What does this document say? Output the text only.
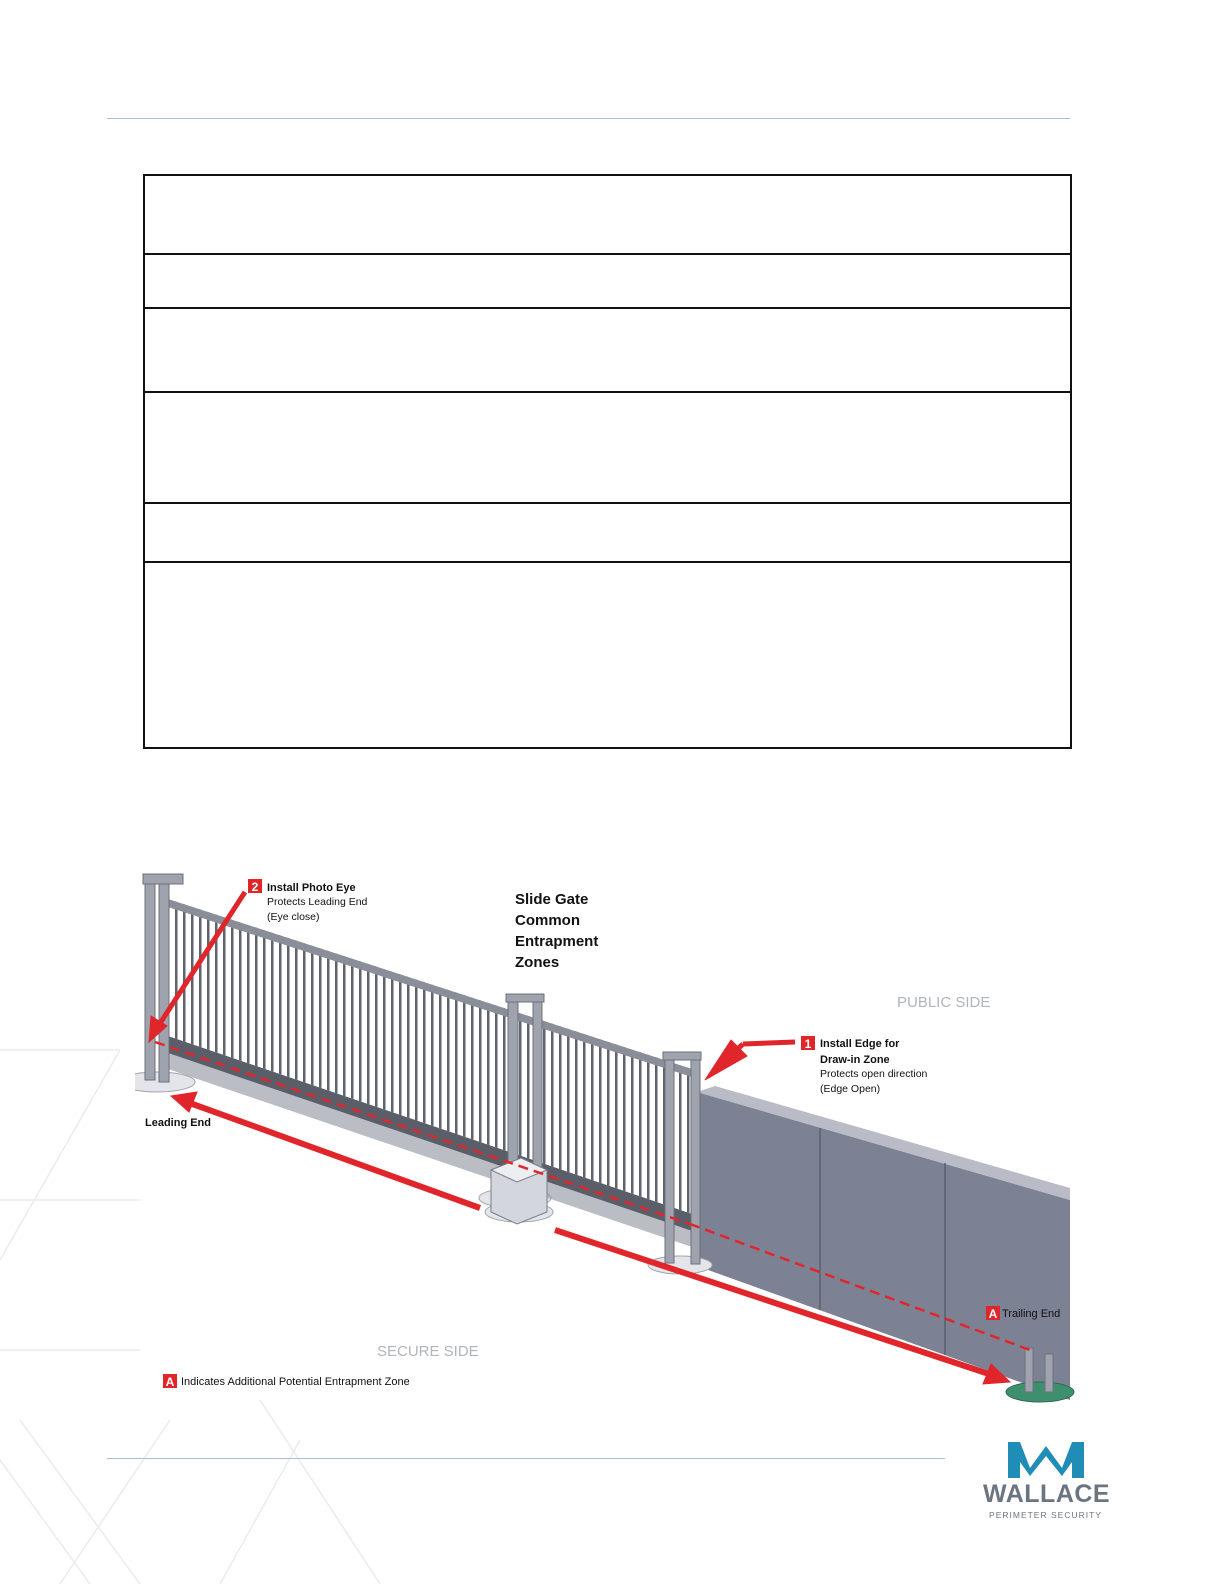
Slide Gate Common Entrapment Zones
2 Install Photo Eye
Protects Leading End
(Eye close)
1 Install Edge for
Draw-in Zone
Protects open direction
(Edge Open)
PUBLIC SIDE
SECURE SIDE
Leading End
A Trailing End
A Indicates Additional Potential Entrapment Zone
WALLACE
PERIMETER SECURITY
